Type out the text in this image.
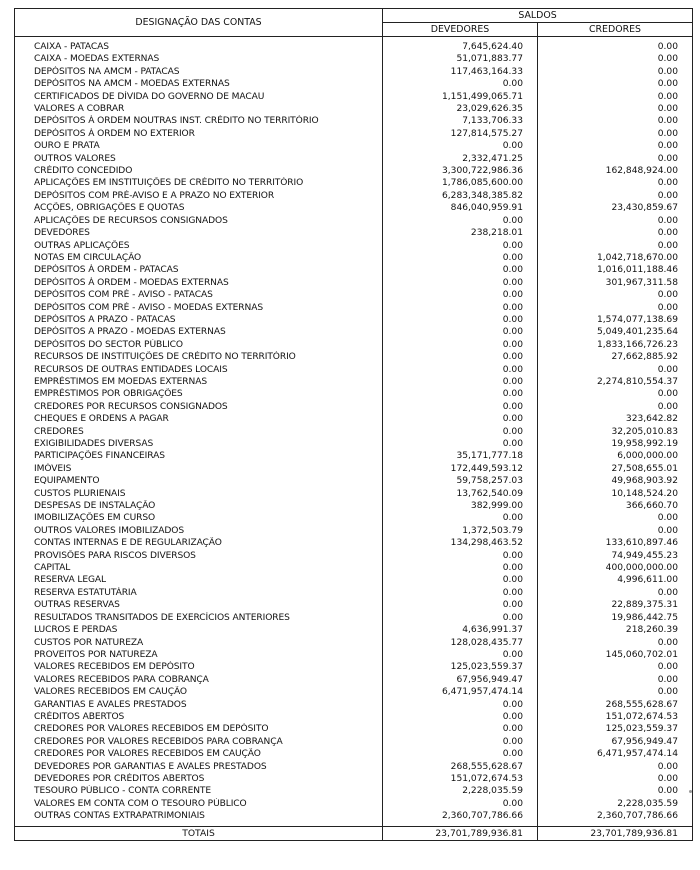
DESIGNAÇÃO DAS CONTAS	SALDOS	
	DEVEDORES	CREDORES
CAIXA - PATACAS	7,645,624.40	0.00
CAIXA - MOEDAS EXTERNAS	51,071,883.77	0.00
DEPÓSITOS NA AMCM - PATACAS	117,463,164.33	0.00
DEPÓSITOS NA AMCM - MOEDAS EXTERNAS	0.00	0.00
CERTIFICADOS DE DÍVIDA DO GOVERNO DE MACAU	1,151,499,065.71	0.00
VALORES A COBRAR	23,029,626.35	0.00
DEPÓSITOS À ORDEM NOUTRAS INST. CRÉDITO NO TERRITÓRIO	7,133,706.33	0.00
DEPÓSITOS À ORDEM NO EXTERIOR	127,814,575.27	0.00
OURO E PRATA	0.00	0.00
OUTROS VALORES	2,332,471.25	0.00
CRÉDITO CONCEDIDO	3,300,722,986.36	162,848,924.00
APLICAÇÕES EM INSTITUIÇÕES DE CRÉDITO NO TERRITÓRIO	1,786,085,600.00	0.00
DEPÓSITOS COM PRÉ-AVISO E A PRAZO NO EXTERIOR	6,283,348,385.82	0.00
ACÇÕES, OBRIGAÇÕES E QUOTAS	846,040,959.91	23,430,859.67
APLICAÇÕES DE RECURSOS CONSIGNADOS	0.00	0.00
DEVEDORES	238,218.01	0.00
OUTRAS APLICAÇÕES	0.00	0.00
NOTAS EM CIRCULAÇÃO	0.00	1,042,718,670.00
DEPÓSITOS À ORDEM - PATACAS	0.00	1,016,011,188.46
DEPÓSITOS À ORDEM - MOEDAS EXTERNAS	0.00	301,967,311.58
DEPÓSITOS COM PRÉ - AVISO - PATACAS	0.00	0.00
DEPÓSITOS COM PRÉ - AVISO - MOEDAS EXTERNAS	0.00	0.00
DEPÓSITOS A PRAZO - PATACAS	0.00	1,574,077,138.69
DEPÓSITOS A PRAZO - MOEDAS EXTERNAS	0.00	5,049,401,235.64
DEPÓSITOS DO SECTOR PÚBLICO	0.00	1,833,166,726.23
RECURSOS DE INSTITUIÇÕES DE CRÉDITO NO TERRITÓRIO	0.00	27,662,885.92
RECURSOS DE OUTRAS ENTIDADES LOCAIS	0.00	0.00
EMPRÉSTIMOS EM MOEDAS EXTERNAS	0.00	2,274,810,554.37
EMPRÉSTIMOS POR OBRIGAÇÕES	0.00	0.00
CREDORES POR RECURSOS CONSIGNADOS	0.00	0.00
CHEQUES E ORDENS A PAGAR	0.00	323,642.82
CREDORES	0.00	32,205,010.83
EXIGIBILIDADES DIVERSAS	0.00	19,958,992.19
PARTICIPAÇÕES FINANCEIRAS	35,171,777.18	6,000,000.00
IMÓVEIS	172,449,593.12	27,508,655.01
EQUIPAMENTO	59,758,257.03	49,968,903.92
CUSTOS PLURIENAIS	13,762,540.09	10,148,524.20
DESPESAS DE INSTALAÇÃO	382,999.00	366,660.70
IMOBILIZAÇÕES EM CURSO	0.00	0.00
OUTROS VALORES IMOBILIZADOS	1,372,503.79	0.00
CONTAS INTERNAS E DE REGULARIZAÇÃO	134,298,463.52	133,610,897.46
PROVISÕES PARA RISCOS DIVERSOS	0.00	74,949,455.23
CAPITAL	0.00	400,000,000.00
RESERVA LEGAL	0.00	4,996,611.00
RESERVA ESTATUTÁRIA	0.00	0.00
OUTRAS RESERVAS	0.00	22,889,375.31
RESULTADOS TRANSITADOS DE EXERCÍCIOS ANTERIORES	0.00	19,986,442.75
LUCROS E PERDAS	4,636,991.37	218,260.39
CUSTOS POR NATUREZA	128,028,435.77	0.00
PROVEITOS POR NATUREZA	0.00	145,060,702.01
VALORES RECEBIDOS EM DEPÓSITO	125,023,559.37	0.00
VALORES RECEBIDOS PARA COBRANÇA	67,956,949.47	0.00
VALORES RECEBIDOS EM CAUÇÃO	6,471,957,474.14	0.00
GARANTIAS E AVALES PRESTADOS	0.00	268,555,628.67
CRÉDITOS ABERTOS	0.00	151,072,674.53
CREDORES POR VALORES RECEBIDOS EM DEPÓSITO	0.00	125,023,559.37
CREDORES POR VALORES RECEBIDOS PARA COBRANÇA	0.00	67,956,949.47
CREDORES POR VALORES RECEBIDOS EM CAUÇÃO	0.00	6,471,957,474.14
DEVEDORES POR GARANTIAS E AVALES PRESTADOS	268,555,628.67	0.00
DEVEDORES POR CRÉDITOS ABERTOS	151,072,674.53	0.00
TESOURO PÚBLICO - CONTA CORRENTE	2,228,035.59	0.00
VALORES EM CONTA COM O TESOURO PÚBLICO	0.00	2,228,035.59
OUTRAS CONTAS EXTRAPATRIMONIAIS	2,360,707,786.66	2,360,707,786.66
TOTAIS	23,701,789,936.81	23,701,789,936.81
